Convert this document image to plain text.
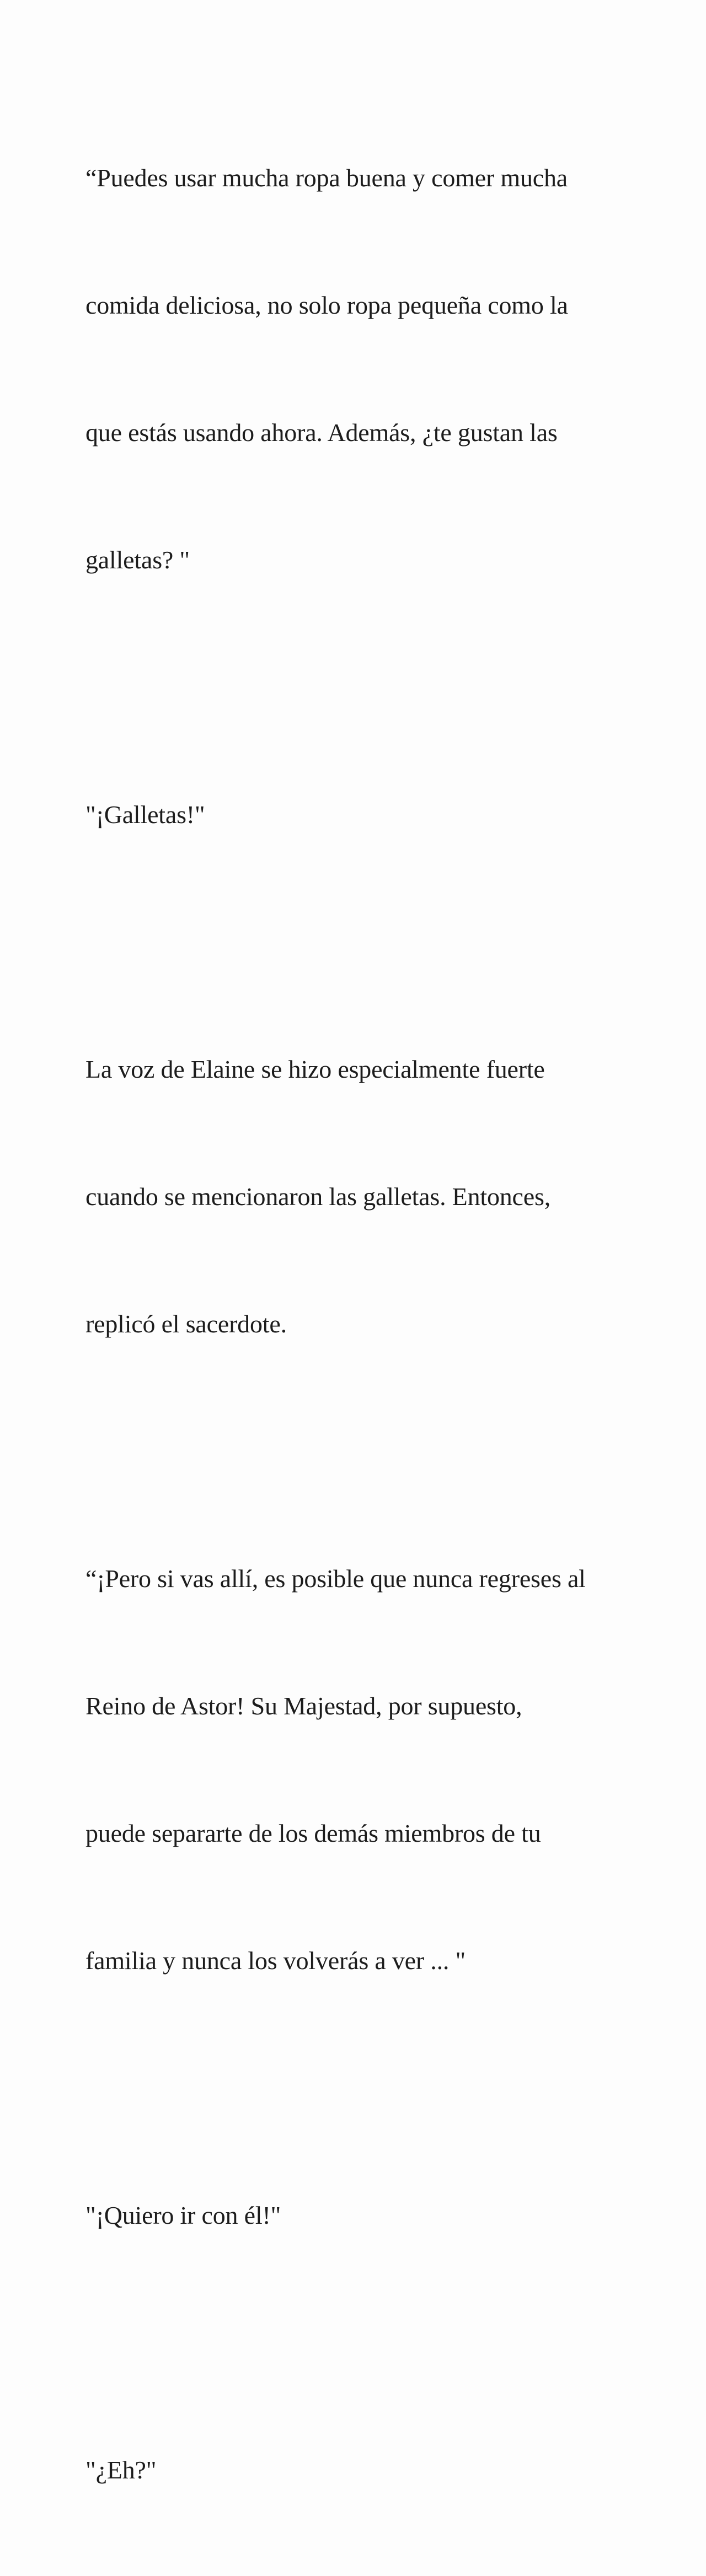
“Puedes usar mucha ropa buena y comer mucha

comida deliciosa, no solo ropa pequeña como la

que estás usando ahora. Además, ¿te gustan las

galletas? "

"¡Galletas!"

La voz de Elaine se hizo especialmente fuerte

cuando se mencionaron las galletas. Entonces,

replicó el sacerdote.

“¡Pero si vas allí, es posible que nunca regreses al

Reino de Astor! Su Majestad, por supuesto,

puede separarte de los demás miembros de tu

familia y nunca los volverás a ver ... "

"¡Quiero ir con él!"

"¿Eh?"
